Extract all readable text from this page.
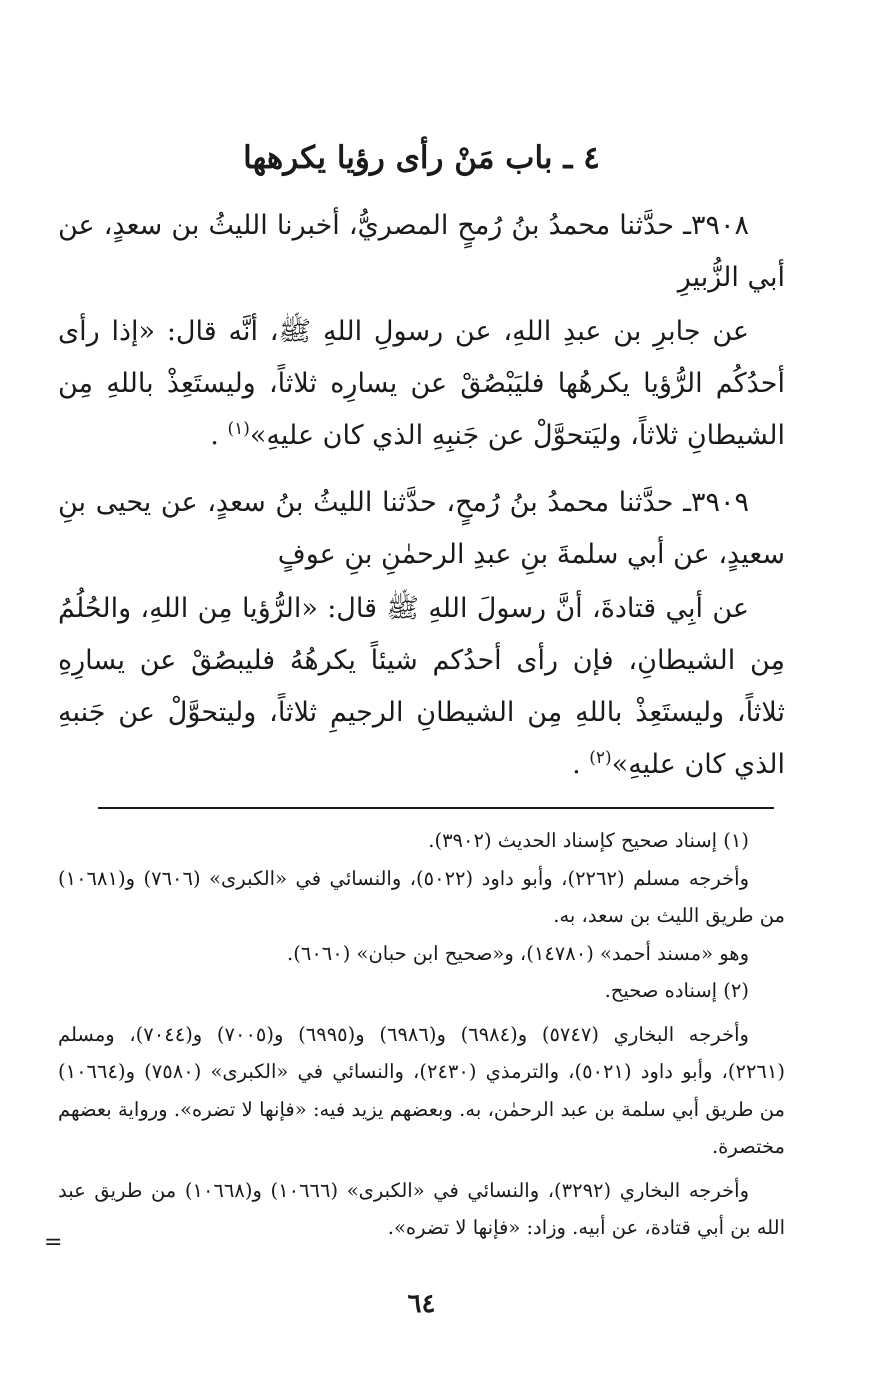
٤ ـ باب مَنْ رأى رؤيا يكرهها

٣٩٠٨ـ حدَّثنا محمدُ بنُ رُمحٍ المصريُّ، أخبرنا الليثُ بن سعدٍ، عن أبي الزُّبيرِ

عن جابرِ بن عبدِ اللهِ، عن رسولِ اللهِ ﷺ، أنَّه قال: «إذا رأى أحدُكُم الرُّؤيا يكرهُها فليَبْصُقْ عن يسارِه ثلاثاً، وليستَعِذْ باللهِ مِن الشيطانِ ثلاثاً، وليَتحوَّلْ عن جَنبِهِ الذي كان عليهِ»$^{(١)}$ .

٣٩٠٩ـ حدَّثنا محمدُ بنُ رُمحٍ، حدَّثنا الليثُ بنُ سعدٍ، عن يحيى بنِ سعيدٍ، عن أبي سلمةَ بنِ عبدِ الرحمٰنِ بنِ عوفٍ

عن أبِي قتادةَ، أنَّ رسولَ اللهِ ﷺ قال: «الرُّؤيا مِن اللهِ، والحُلُمُ مِن الشيطانِ، فإن رأى أحدُكم شيئاً يكرهُهُ فليبصُقْ عن يسارِهِ ثلاثاً، وليستَعِذْ باللهِ مِن الشيطانِ الرجيمِ ثلاثاً، وليتحوَّلْ عن جَنبهِ الذي كان عليهِ»$^{(٢)}$ .

(١) إسناد صحيح كإسناد الحديث (٣٩٠٢).

وأخرجه مسلم (٢٢٦٢)، وأبو داود (٥٠٢٢)، والنسائي في «الكبرى» (٧٦٠٦) و(١٠٦٨١) من طريق الليث بن سعد، به.

وهو «مسند أحمد» (١٤٧٨٠)، و«صحيح ابن حبان» (٦٠٦٠).

(٢) إسناده صحيح.

وأخرجه البخاري (٥٧٤٧) و(٦٩٨٤) و(٦٩٨٦) و(٦٩٩٥) و(٧٠٠٥) و(٧٠٤٤)، ومسلم (٢٢٦١)، وأبو داود (٥٠٢١)، والترمذي (٢٤٣٠)، والنسائي في «الكبرى» (٧٥٨٠) و(١٠٦٦٤) من طريق أبي سلمة بن عبد الرحمٰن، به. وبعضهم يزيد فيه: «فإنها لا تضره». ورواية بعضهم مختصرة.

وأخرجه البخاري (٣٢٩٢)، والنسائي في «الكبرى» (١٠٦٦٦) و(١٠٦٦٨) من طريق عبد الله بن أبي قتادة، عن أبيه. وزاد: «فإنها لا تضره».

=
٦٤
